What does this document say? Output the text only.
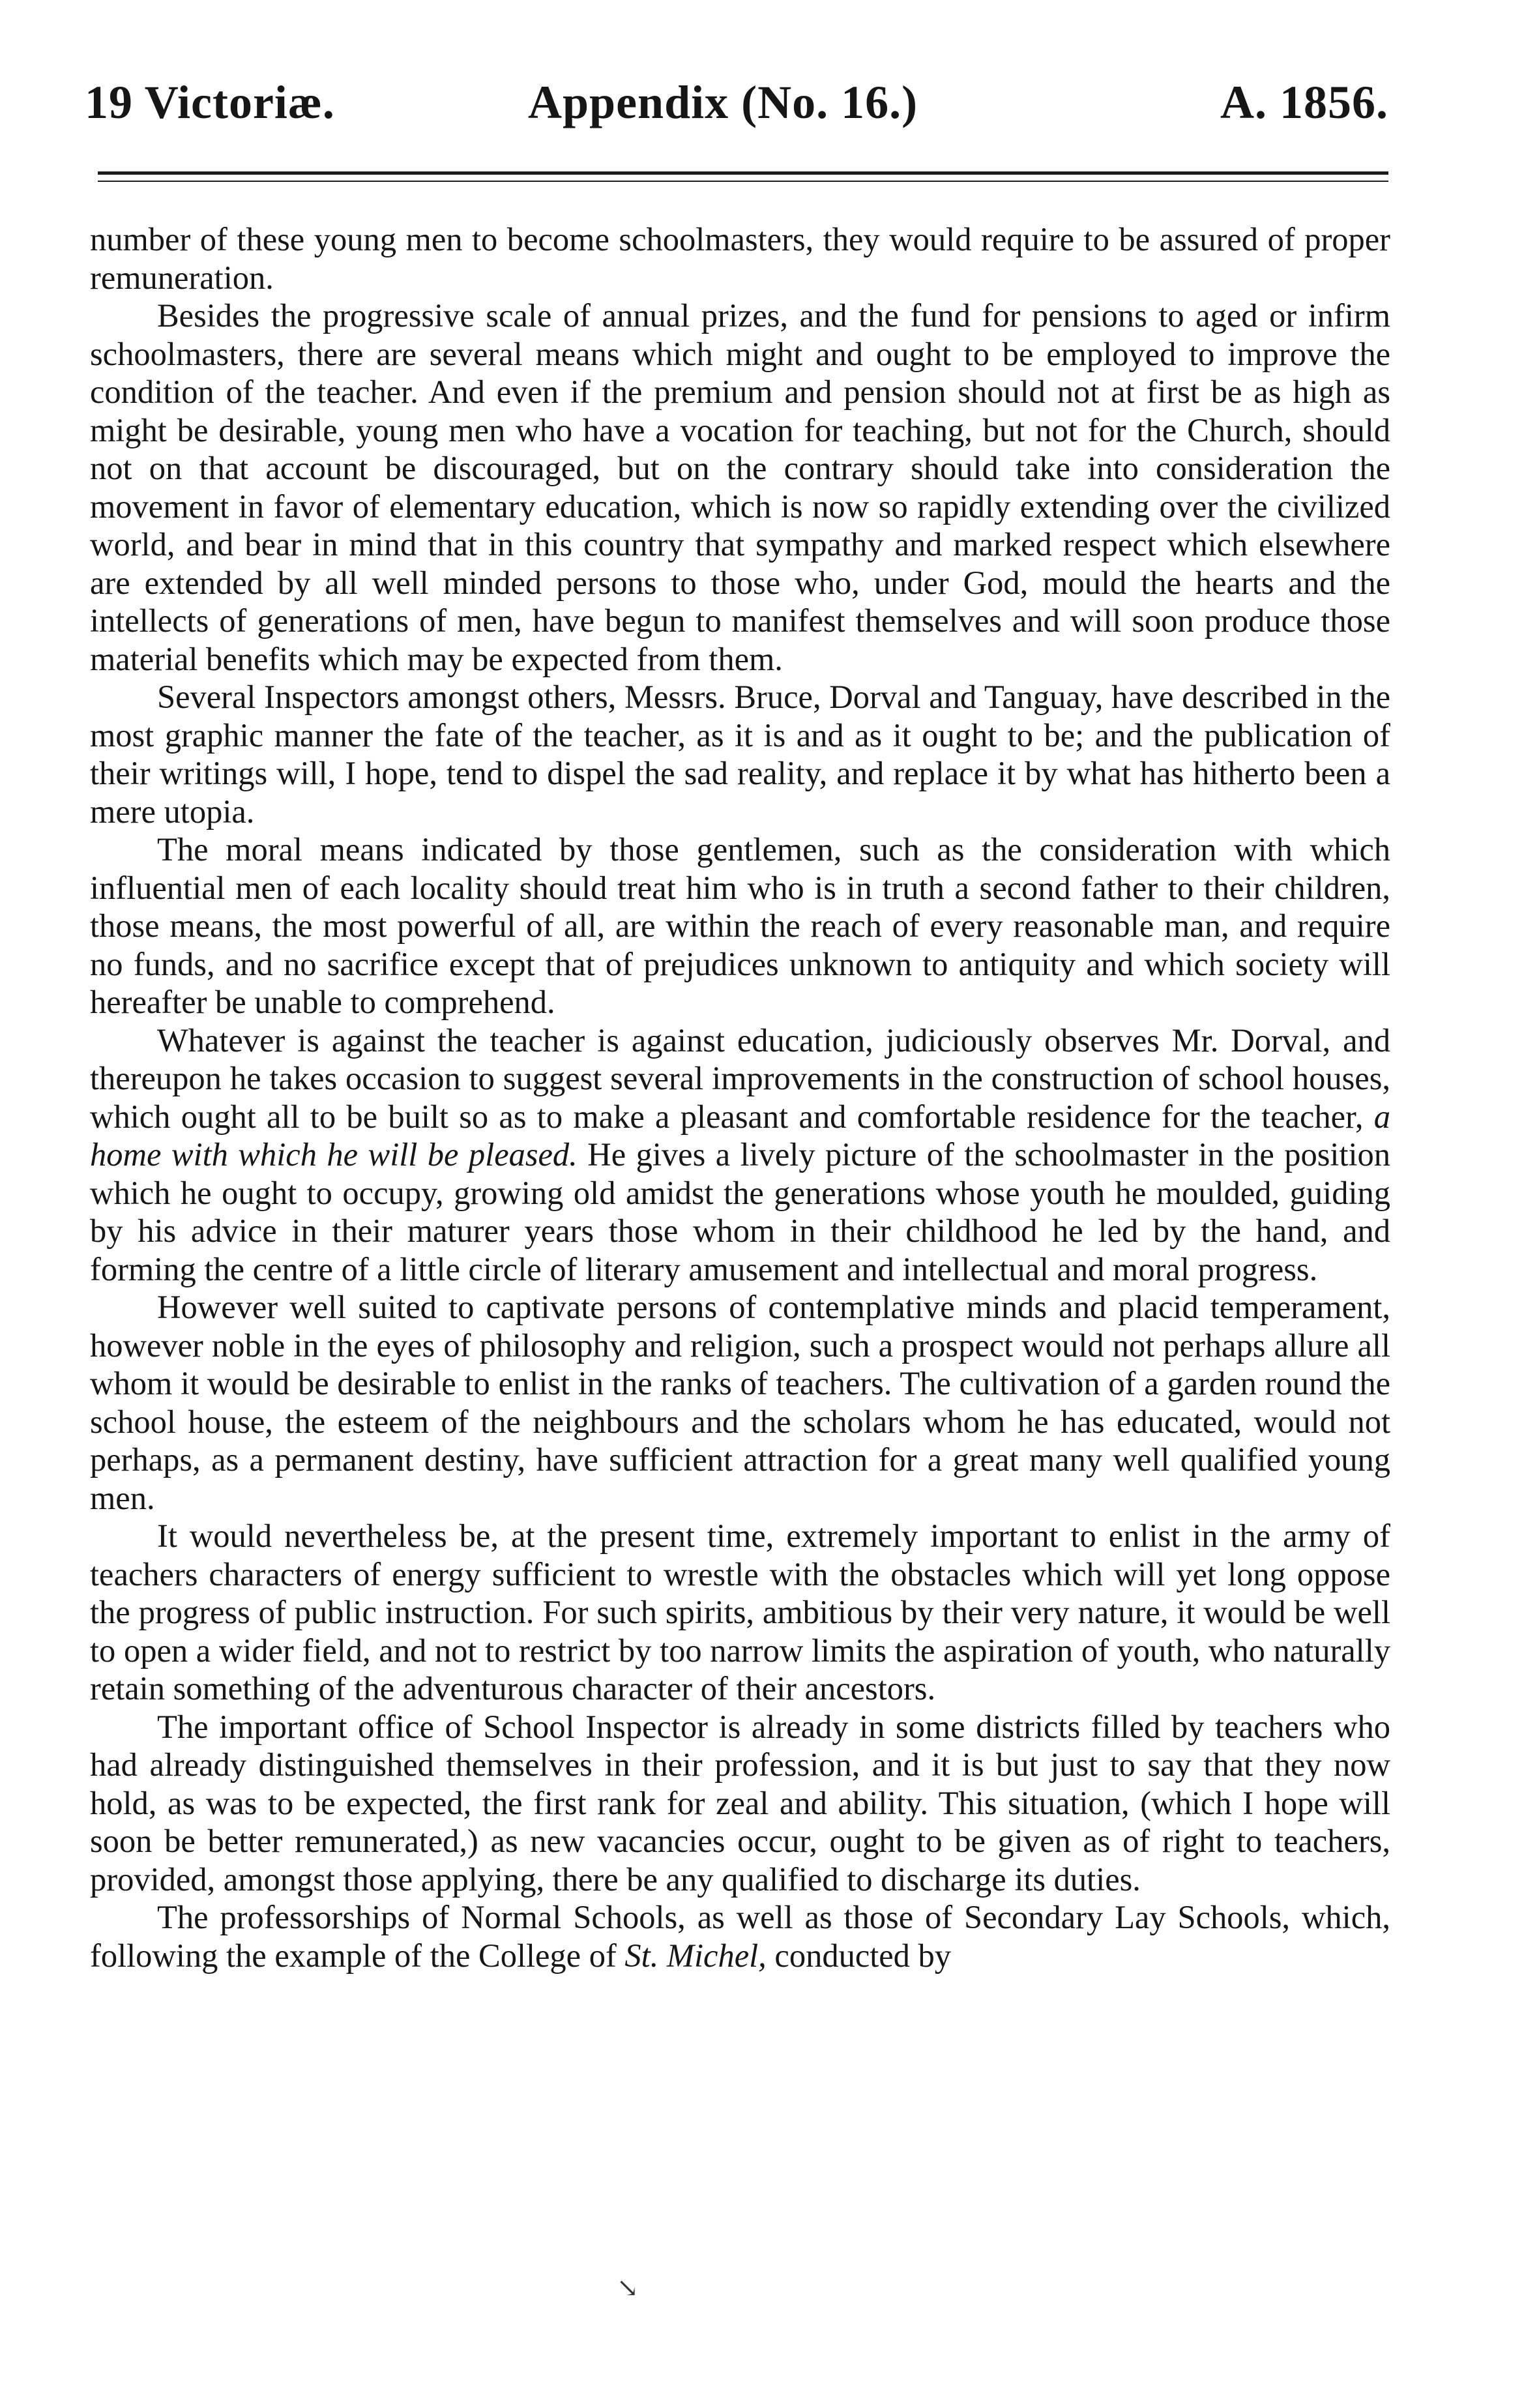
19 Victoriæ.	Appendix (No. 16.)	A. 1856.

number of these young men to become schoolmasters, they would require to be assured of proper remuneration.

Besides the progressive scale of annual prizes, and the fund for pensions to aged or infirm schoolmasters, there are several means which might and ought to be employed to improve the condition of the teacher. And even if the premium and pension should not at first be as high as might be desirable, young men who have a vocation for teaching, but not for the Church, should not on that account be discouraged, but on the contrary should take into consideration the movement in favor of elementary education, which is now so rapidly extending over the civilized world, and bear in mind that in this country that sympathy and marked respect which elsewhere are extended by all well minded persons to those who, under God, mould the hearts and the intellects of generations of men, have begun to manifest themselves and will soon produce those material benefits which may be expected from them.

Several Inspectors amongst others, Messrs. Bruce, Dorval and Tanguay, have described in the most graphic manner the fate of the teacher, as it is and as it ought to be; and the publication of their writings will, I hope, tend to dispel the sad reality, and replace it by what has hitherto been a mere utopia.

The moral means indicated by those gentlemen, such as the consideration with which influential men of each locality should treat him who is in truth a second father to their children, those means, the most powerful of all, are within the reach of every reasonable man, and require no funds, and no sacrifice except that of prejudices unknown to antiquity and which society will hereafter be unable to comprehend.

Whatever is against the teacher is against education, judiciously observes Mr. Dorval, and thereupon he takes occasion to suggest several improvements in the construction of school houses, which ought all to be built so as to make a pleasant and comfortable residence for the teacher, a home with which he will be pleased. He gives a lively picture of the schoolmaster in the position which he ought to occupy, growing old amidst the generations whose youth he moulded, guiding by his advice in their maturer years those whom in their childhood he led by the hand, and forming the centre of a little circle of literary amusement and intellectual and moral progress.

However well suited to captivate persons of contemplative minds and placid temperament, however noble in the eyes of philosophy and religion, such a prospect would not perhaps allure all whom it would be desirable to enlist in the ranks of teachers. The cultivation of a garden round the school house, the esteem of the neighbours and the scholars whom he has educated, would not perhaps, as a permanent destiny, have sufficient attraction for a great many well qualified young men.

It would nevertheless be, at the present time, extremely important to enlist in the army of teachers characters of energy sufficient to wrestle with the obstacles which will yet long oppose the progress of public instruction. For such spirits, ambitious by their very nature, it would be well to open a wider field, and not to restrict by too narrow limits the aspiration of youth, who naturally retain something of the adventurous character of their ancestors.

The important office of School Inspector is already in some districts filled by teachers who had already distinguished themselves in their profession, and it is but just to say that they now hold, as was to be expected, the first rank for zeal and ability. This situation, (which I hope will soon be better remunerated,) as new vacancies occur, ought to be given as of right to teachers, provided, amongst those applying, there be any qualified to discharge its duties.

The professorships of Normal Schools, as well as those of Secondary Lay Schools, which, following the example of the College of St. Michel, conducted by

↘
